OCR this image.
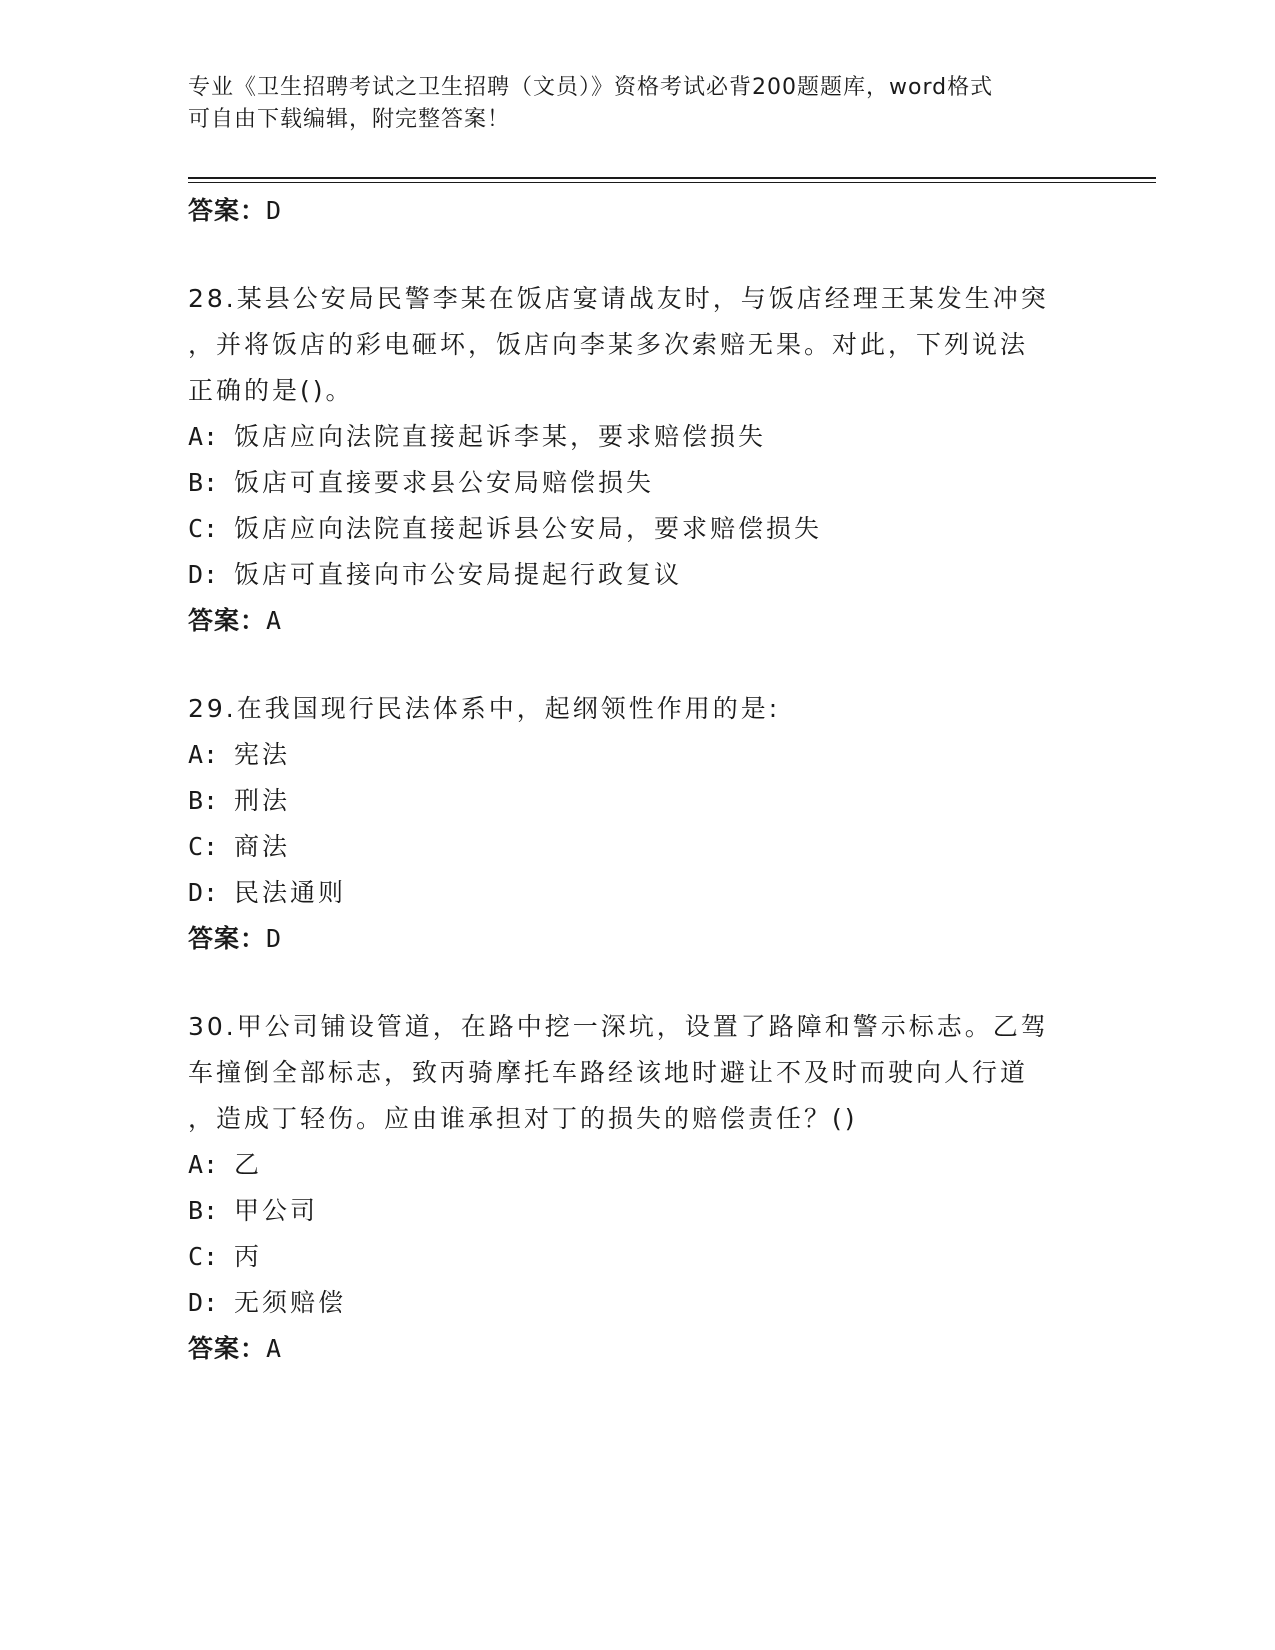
专业《卫生招聘考试之卫生招聘（文员）》资格考试必背200题题库，word格式
可自由下载编辑，附完整答案！
答案：D
28.某县公安局民警李某在饭店宴请战友时，与饭店经理王某发生冲突
，并将饭店的彩电砸坏，饭店向李某多次索赔无果。对此，下列说法
正确的是()。
A: 饭店应向法院直接起诉李某，要求赔偿损失
B: 饭店可直接要求县公安局赔偿损失
C: 饭店应向法院直接起诉县公安局，要求赔偿损失
D: 饭店可直接向市公安局提起行政复议
答案：A
29.在我国现行民法体系中，起纲领性作用的是:
A: 宪法
B: 刑法
C: 商法
D: 民法通则
答案：D
30.甲公司铺设管道，在路中挖一深坑，设置了路障和警示标志。乙驾
车撞倒全部标志，致丙骑摩托车路经该地时避让不及时而驶向人行道
，造成丁轻伤。应由谁承担对丁的损失的赔偿责任？()
A: 乙
B: 甲公司
C: 丙
D: 无须赔偿
答案：A
